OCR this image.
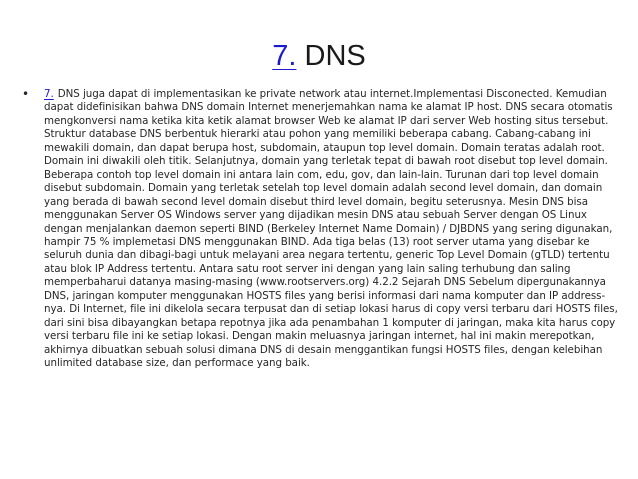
7. DNS
•	7. DNS juga dapat di implementasikan ke private network atau internet.Implementasi Disconected. Kemudian dapat didefinisikan bahwa DNS domain Internet menerjemahkan nama ke alamat IP host. DNS secara otomatis mengkonversi nama ketika kita ketik alamat browser Web ke alamat IP dari server Web hosting situs tersebut. Struktur database DNS berbentuk hierarki atau pohon yang memiliki beberapa cabang. Cabang-cabang ini mewakili domain, dan dapat berupa host, subdomain, ataupun top level domain. Domain teratas adalah root. Domain ini diwakili oleh titik. Selanjutnya, domain yang terletak tepat di bawah root disebut top level domain. Beberapa contoh top level domain ini antara lain com, edu, gov, dan lain-lain. Turunan dari top level domain disebut subdomain. Domain yang terletak setelah top level domain adalah second level domain, dan domain yang berada di bawah second level domain disebut third level domain, begitu seterusnya. Mesin DNS bisa menggunakan Server OS Windows server yang dijadikan mesin DNS atau sebuah Server dengan OS Linux dengan menjalankan daemon seperti BIND (Berkeley Internet Name Domain) / DJBDNS yang sering digunakan, hampir 75 % implemetasi DNS menggunakan BIND. Ada tiga belas (13) root server utama yang disebar ke seluruh dunia dan dibagi-bagi untuk melayani area negara tertentu, generic Top Level Domain (gTLD) tertentu atau blok IP Address tertentu. Antara satu root server ini dengan yang lain saling terhubung dan saling memperbaharui datanya masing-masing (www.rootservers.org) 4.2.2 Sejarah DNS Sebelum dipergunakannya DNS, jaringan komputer menggunakan HOSTS files yang berisi informasi dari nama komputer dan IP address-nya. Di Internet, file ini dikelola secara terpusat dan di setiap lokasi harus di copy versi terbaru dari HOSTS files, dari sini bisa dibayangkan betapa repotnya jika ada penambahan 1 komputer di jaringan, maka kita harus copy versi terbaru file ini ke setiap lokasi. Dengan makin meluasnya jaringan internet, hal ini makin merepotkan, akhirnya dibuatkan sebuah solusi dimana DNS di desain menggantikan fungsi HOSTS files, dengan kelebihan unlimited database size, dan performace yang baik.
